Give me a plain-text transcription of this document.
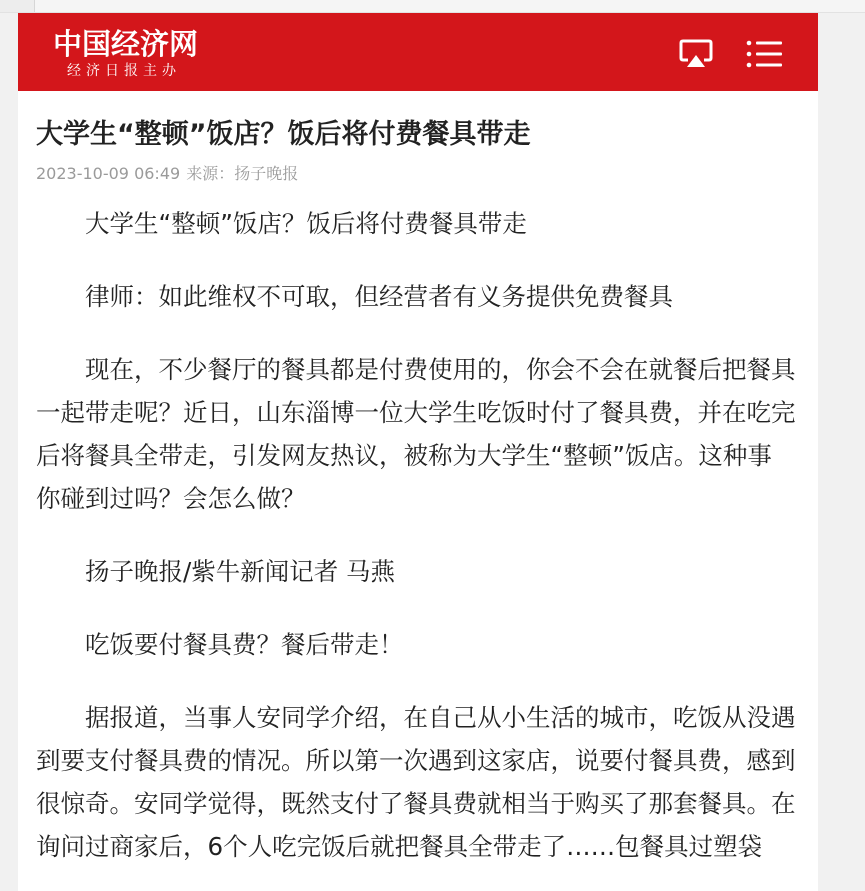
中国经济网
经济日报主办
大学生“整顿”饭店？饭后将付费餐具带走
2023-10-09 06:49 来源：扬子晚报

大学生“整顿”饭店？饭后将付费餐具带走

律师：如此维权不可取，但经营者有义务提供免费餐具

现在，不少餐厅的餐具都是付费使用的，你会不会在就餐后把餐具一起带走呢？近日，山东淄博一位大学生吃饭时付了餐具费，并在吃完后将餐具全带走，引发网友热议，被称为大学生“整顿”饭店。这种事你碰到过吗？会怎么做？

扬子晚报/紫牛新闻记者 马燕

吃饭要付餐具费？餐后带走！

据报道，当事人安同学介绍，在自己从小生活的城市，吃饭从没遇到要支付餐具费的情况。所以第一次遇到这家店，说要付餐具费，感到很惊奇。安同学觉得，既然支付了餐具费就相当于购买了那套餐具。在询问过商家后，6个人吃完饭后就把餐具全带走了……包餐具过塑袋
